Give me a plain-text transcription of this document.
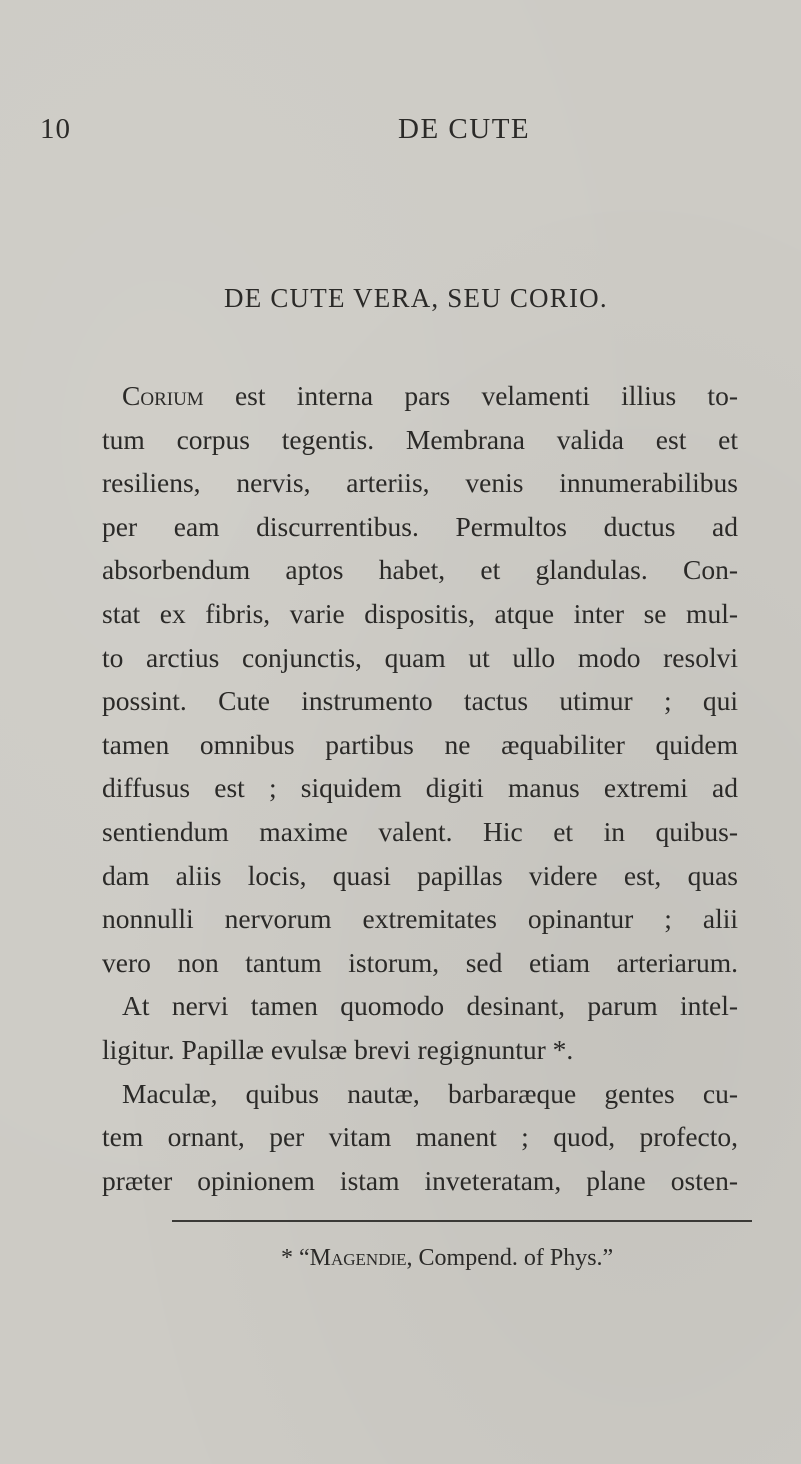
10	DE CUTE
DE CUTE VERA, SEU CORIO.
Corium est interna pars velamenti illius to-
tum corpus tegentis. Membrana valida est et
resiliens, nervis, arteriis, venis innumerabilibus
per eam discurrentibus. Permultos ductus ad
absorbendum aptos habet, et glandulas. Con-
stat ex fibris, varie dispositis, atque inter se mul-
to arctius conjunctis, quam ut ullo modo resolvi
possint. Cute instrumento tactus utimur ; qui
tamen omnibus partibus ne æquabiliter quidem
diffusus est ; siquidem digiti manus extremi ad
sentiendum maxime valent. Hic et in quibus-
dam aliis locis, quasi papillas videre est, quas
nonnulli nervorum extremitates opinantur ; alii
vero non tantum istorum, sed etiam arteriarum.
At nervi tamen quomodo desinant, parum intel-
ligitur. Papillæ evulsæ brevi regignuntur *.
Maculæ, quibus nautæ, barbaræque gentes cu-
tem ornant, per vitam manent ; quod, profecto,
præter opinionem istam inveteratam, plane osten-
* “Magendie, Compend. of Phys.”
